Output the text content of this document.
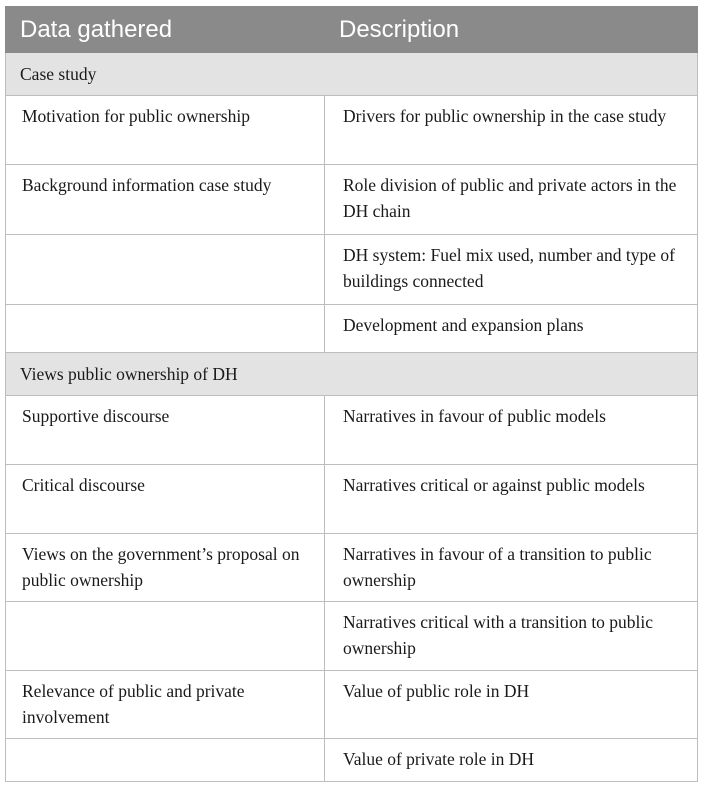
Data gathered	Description
Case study	
Motivation for public ownership	Drivers for public ownership in the case study
Background information case study	Role division of public and private actors in the DH chain
	DH system: Fuel mix used, number and type of buildings connected
	Development and expansion plans
Views public ownership of DH	
Supportive discourse	Narratives in favour of public models
Critical discourse	Narratives critical or against public models
Views on the government’s proposal on public ownership	Narratives in favour of a transition to public ownership
	Narratives critical with a transition to public ownership
Relevance of public and private involvement	Value of public role in DH
	Value of private role in DH
